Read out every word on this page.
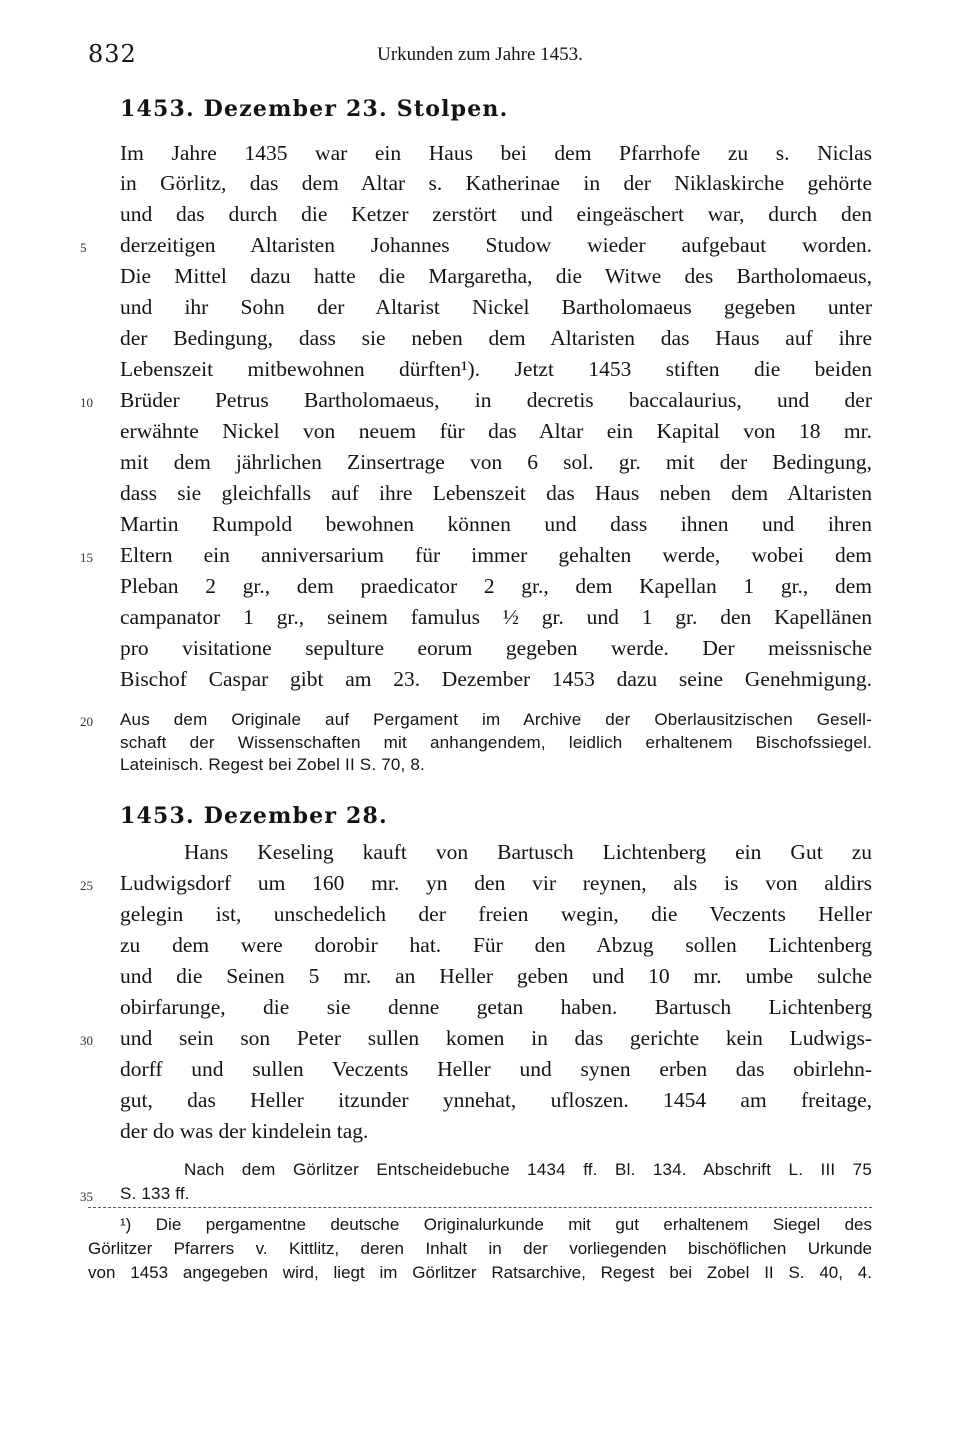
832	Urkunden zum Jahre 1453.
1453. Dezember 23. Stolpen.
Im Jahre 1435 war ein Haus bei dem Pfarrhofe zu s. Niclas
in Görlitz, das dem Altar s. Katherinae in der Niklaskirche gehörte
und das durch die Ketzer zerstört und eingeäschert war, durch den
derzeitigen Altaristen Johannes Studow wieder aufgebaut worden.
Die Mittel dazu hatte die Margaretha, die Witwe des Bartholomaeus,
und ihr Sohn der Altarist Nickel Bartholomaeus gegeben unter
der Bedingung, dass sie neben dem Altaristen das Haus auf ihre
Lebenszeit mitbewohnen dürften¹). Jetzt 1453 stiften die beiden
Brüder Petrus Bartholomaeus, in decretis baccalaurius, und der
erwähnte Nickel von neuem für das Altar ein Kapital von 18 mr.
mit dem jährlichen Zinsertrage von 6 sol. gr. mit der Bedingung,
dass sie gleichfalls auf ihre Lebenszeit das Haus neben dem Altaristen
Martin Rumpold bewohnen können und dass ihnen und ihren
Eltern ein anniversarium für immer gehalten werde, wobei dem
Pleban 2 gr., dem praedicator 2 gr., dem Kapellan 1 gr., dem
campanator 1 gr., seinem famulus ½ gr. und 1 gr. den Kapellänen
pro visitatione sepulture eorum gegeben werde. Der meissnische
Bischof Caspar gibt am 23. Dezember 1453 dazu seine Genehmigung.
Aus dem Originale auf Pergament im Archive der Oberlausitzischen Gesell-
schaft der Wissenschaften mit anhangendem, leidlich erhaltenem Bischofssiegel.
Lateinisch. Regest bei Zobel II S. 70, 8.
1453. Dezember 28.
Hans Keseling kauft von Bartusch Lichtenberg ein Gut zu
Ludwigsdorf um 160 mr. yn den vir reynen, als is von aldirs
gelegin ist, unschedelich der freien wegin, die Veczents Heller
zu dem were dorobir hat. Für den Abzug sollen Lichtenberg
und die Seinen 5 mr. an Heller geben und 10 mr. umbe sulche
obirfarunge, die sie denne getan haben. Bartusch Lichtenberg
und sein son Peter sullen komen in das gerichte kein Ludwigs-
dorff und sullen Veczents Heller und synen erben das obirlehn-
gut, das Heller itzunder ynnehat, ufloszen. 1454 am freitage,
der do was der kindelein tag.
Nach dem Görlitzer Entscheidebuche 1434 ff. Bl. 134. Abschrift L. III 75
S. 133 ff.
5
10
15
20
25
30
35
¹) Die pergamentne deutsche Originalurkunde mit gut erhaltenem Siegel des
Görlitzer Pfarrers v. Kittlitz, deren Inhalt in der vorliegenden bischöflichen Urkunde
von 1453 angegeben wird, liegt im Görlitzer Ratsarchive, Regest bei Zobel II S. 40, 4.
